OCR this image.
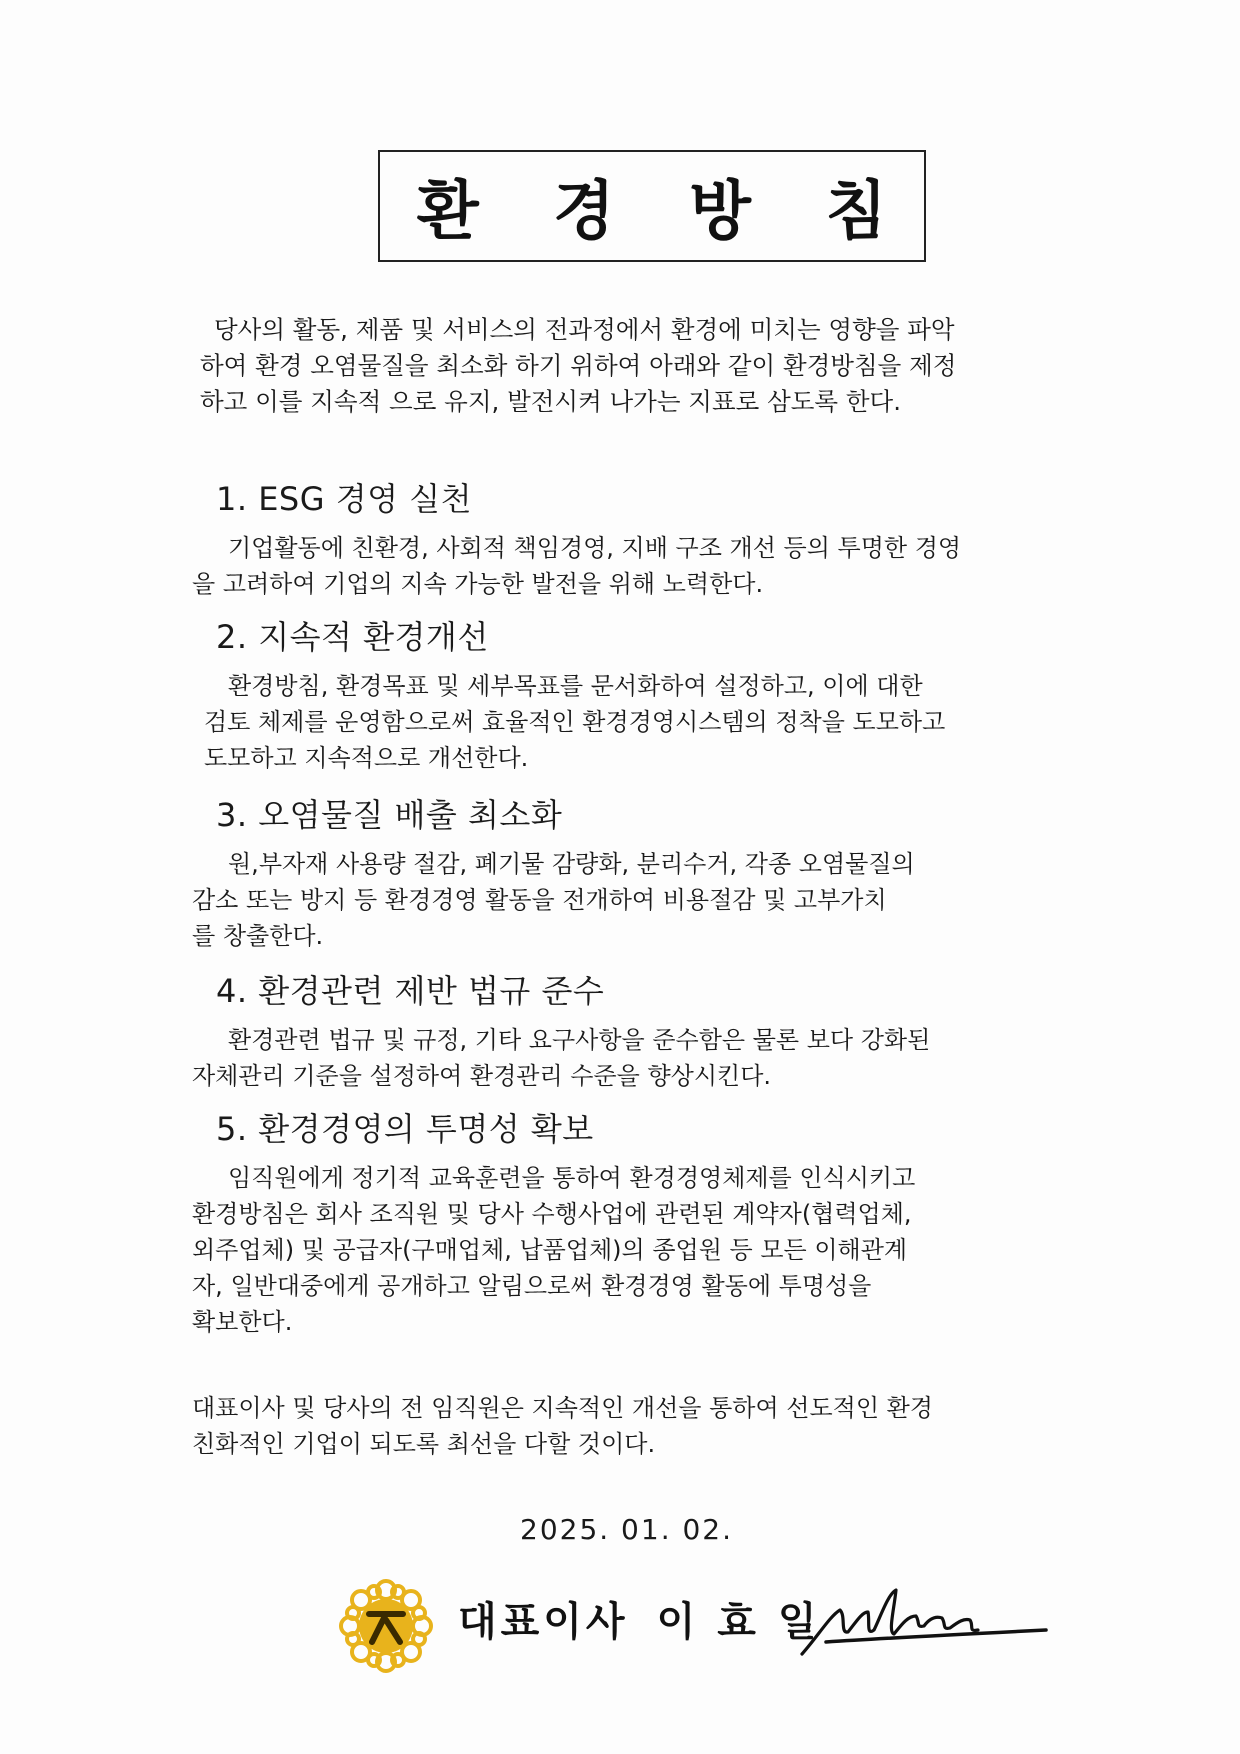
환 경 방 침
당사의 활동, 제품 및 서비스의 전과정에서 환경에 미치는 영향을 파악
하여 환경 오염물질을 최소화 하기 위하여 아래와 같이 환경방침을 제정
하고 이를 지속적 으로 유지, 발전시켜 나가는 지표로 삼도록 한다.
1. ESG 경영 실천
기업활동에 친환경, 사회적 책임경영, 지배 구조 개선 등의 투명한 경영
을 고려하여 기업의 지속 가능한 발전을 위해 노력한다.
2. 지속적 환경개선
환경방침, 환경목표 및 세부목표를 문서화하여 설정하고, 이에 대한
검토 체제를 운영함으로써 효율적인 환경경영시스템의 정착을 도모하고
도모하고 지속적으로 개선한다.
3. 오염물질 배출 최소화
원,부자재 사용량 절감, 폐기물 감량화, 분리수거, 각종 오염물질의
감소 또는 방지 등 환경경영 활동을 전개하여 비용절감 및 고부가치
를 창출한다.
4. 환경관련 제반 법규 준수
환경관련 법규 및 규정, 기타 요구사항을 준수함은 물론 보다 강화된
자체관리 기준을 설정하여 환경관리 수준을 향상시킨다.
5. 환경경영의 투명성 확보
임직원에게 정기적 교육훈련을 통하여 환경경영체제를 인식시키고
환경방침은 회사 조직원 및 당사 수행사업에 관련된 계약자(협력업체,
외주업체) 및 공급자(구매업체, 납품업체)의 종업원 등 모든 이해관계
자, 일반대중에게 공개하고 알림으로써 환경경영 활동에 투명성을
확보한다.
대표이사 및 당사의 전 임직원은 지속적인 개선을 통하여 선도적인 환경
친화적인 기업이 되도록 최선을 다할 것이다.
2025. 01. 02.
대표이사 이효일
